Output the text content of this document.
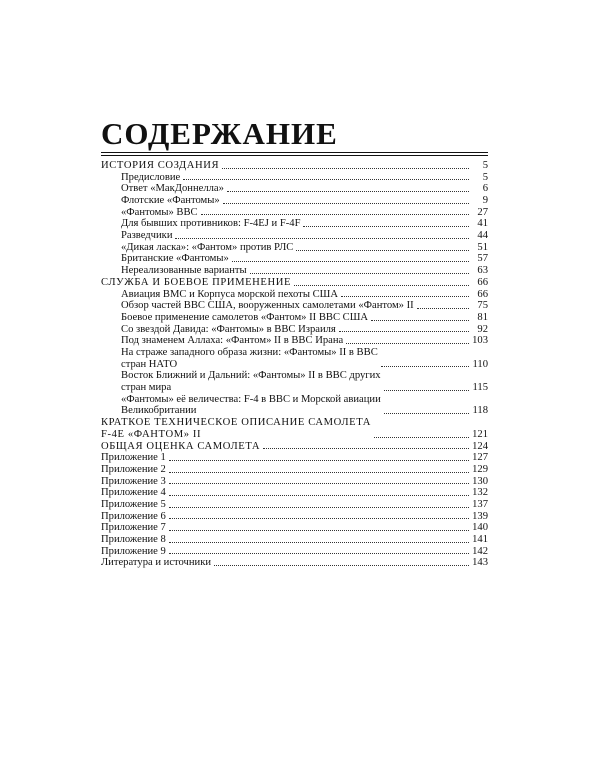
СОДЕРЖАНИЕ
ИСТОРИЯ СОЗДАНИЯ	5
Предисловие	5
Ответ «МакДоннелла»	6
Флотские «Фантомы»	9
«Фантомы» ВВС	27
Для бывших противников: F-4EJ и F-4F	41
Разведчики	44
«Дикая ласка»: «Фантом» против РЛС	51
Британские «Фантомы»	57
Нереализованные варианты	63
СЛУЖБА И БОЕВОЕ ПРИМЕНЕНИЕ	66
Авиация ВМС и Корпуса морской пехоты США	66
Обзор частей ВВС США, вооруженных самолетами «Фантом» II	75
Боевое применение самолетов «Фантом» II ВВС США	81
Со звездой Давида: «Фантомы» в ВВС Израиля	92
Под знаменем Аллаха: «Фантом» II в ВВС Ирана	103
На страже западного образа жизни: «Фантомы» II в ВВС
стран НАТО	110
Восток Ближний и Дальний: «Фантомы» II в ВВС других
стран мира	115
«Фантомы» её величества: F-4 в ВВС и Морской авиации
Великобритании	118
КРАТКОЕ ТЕХНИЧЕСКОЕ ОПИСАНИЕ САМОЛЕТА
F-4E «ФАНТОМ» II	121
ОБЩАЯ ОЦЕНКА САМОЛЕТА	124
Приложение 1	127
Приложение 2	129
Приложение 3	130
Приложение 4	132
Приложение 5	137
Приложение 6	139
Приложение 7	140
Приложение 8	141
Приложение 9	142
Литература и источники	143
